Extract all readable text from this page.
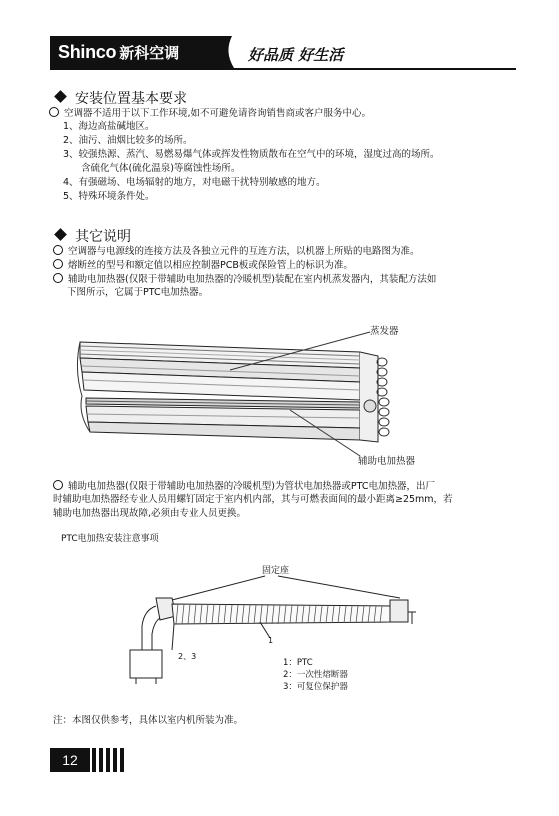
Shinco 新科空调	好品质 好生活
安装位置基本要求
空调器不适用于以下工作环境,如不可避免请咨询销售商或客户服务中心。
1、海边高盐碱地区。
2、油污、油烟比较多的场所。
3、较强热源、蒸汽、易燃易爆气体或挥发性物质散布在空气中的环境，湿度过高的场所。
含硫化气体(硫化温泉)等腐蚀性场所。
4、有强磁场、电场辐射的地方，对电磁干扰特别敏感的地方。
5、特殊环境条件处。
其它说明
空调器与电源线的连接方法及各独立元件的互连方法，以机器上所贴的电路图为准。
熔断丝的型号和额定值以相应控制器PCB板或保险管上的标识为准。
辅助电加热器(仅限于带辅助电加热器的冷暖机型)装配在室内机蒸发器内，其装配方法如
下图所示，它属于PTC电加热器。
蒸发器
辅助电加热器
辅助电加热器(仅限于带辅助电加热器的冷暖机型)为管状电加热器或PTC电加热器，出厂
时辅助电加热器经专业人员用螺钉固定于室内机内部，其与可燃表面间的最小距离≥25mm，若
辅助电加热器出现故障,必须由专业人员更换。
PTC电加热安装注意事项
固定座
1
2、3
1：PTC
2：一次性熔断器
3：可复位保护器
注：本图仅供参考，具体以室内机所装为准。
12
